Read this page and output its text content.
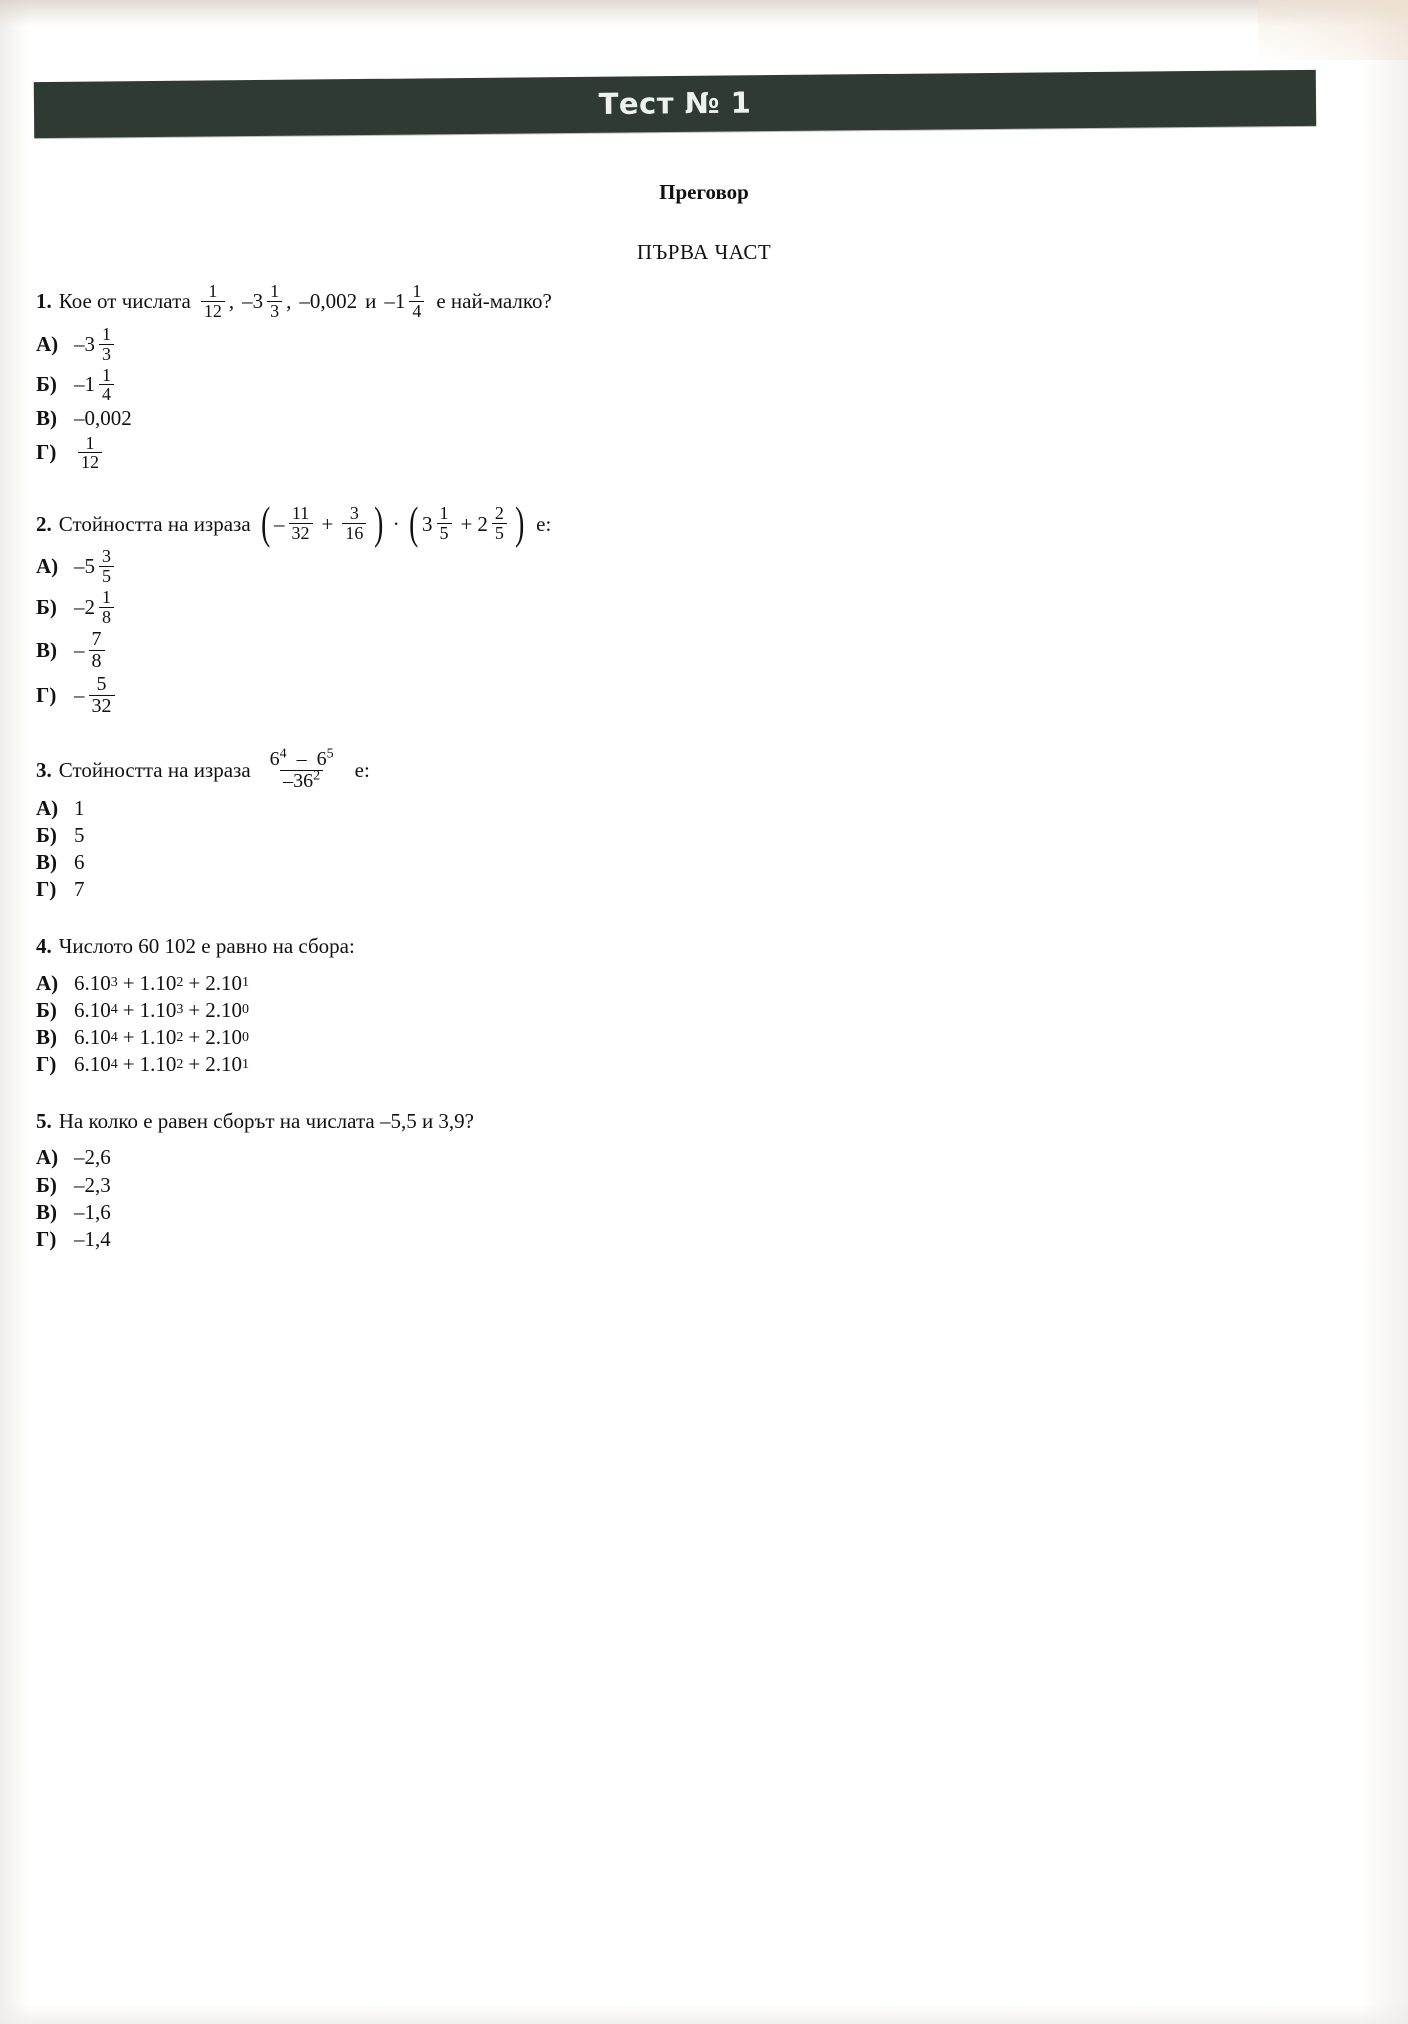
Тест № 1
Преговор
ПЪРВА ЧАСТ
1. Кое от числата $\frac{1}{12}$ , $-3 \frac{1}{3}$ , –0,002 и $-1 \frac{1}{4}$ е най-малко?
А) $-3 \frac{1}{3}$
Б) $-1 \frac{1}{4}$
В) –0,002
Г)	$\frac{1}{12}$
2. Стойността на израза ( – $\frac{11}{32} + \frac{3}{16}$ ) · ( $3 \frac{1}{5} + 2 \frac{2}{5}$ ) е:
А) $-5 \frac{3}{5}$
Б) $-2 \frac{1}{8}$
$В) - \frac{7}{8}$
$Г) - \frac{5}{32}$
3. Стойността на израза $\frac{6^4 - 6^5}{-36^2} е$:
А) 1
Б) 5
В) 6
Г) 7
4. Числото 60 102 е равно на сбора:
А) 6.10 3 + 1.10 2 + 2.10 1
Б) 6.10 4 + 1.10 3 + 2.10 0
В) 6.10 4 + 1.10 2 + 2.10 0
Г) 6.10 4 + 1.10 2 + 2.10 1
5. На колко е равен сборът на числата –5,5 и 3,9?
А) –2,6
Б) –2,3
В) –1,6
Г) –1,4
